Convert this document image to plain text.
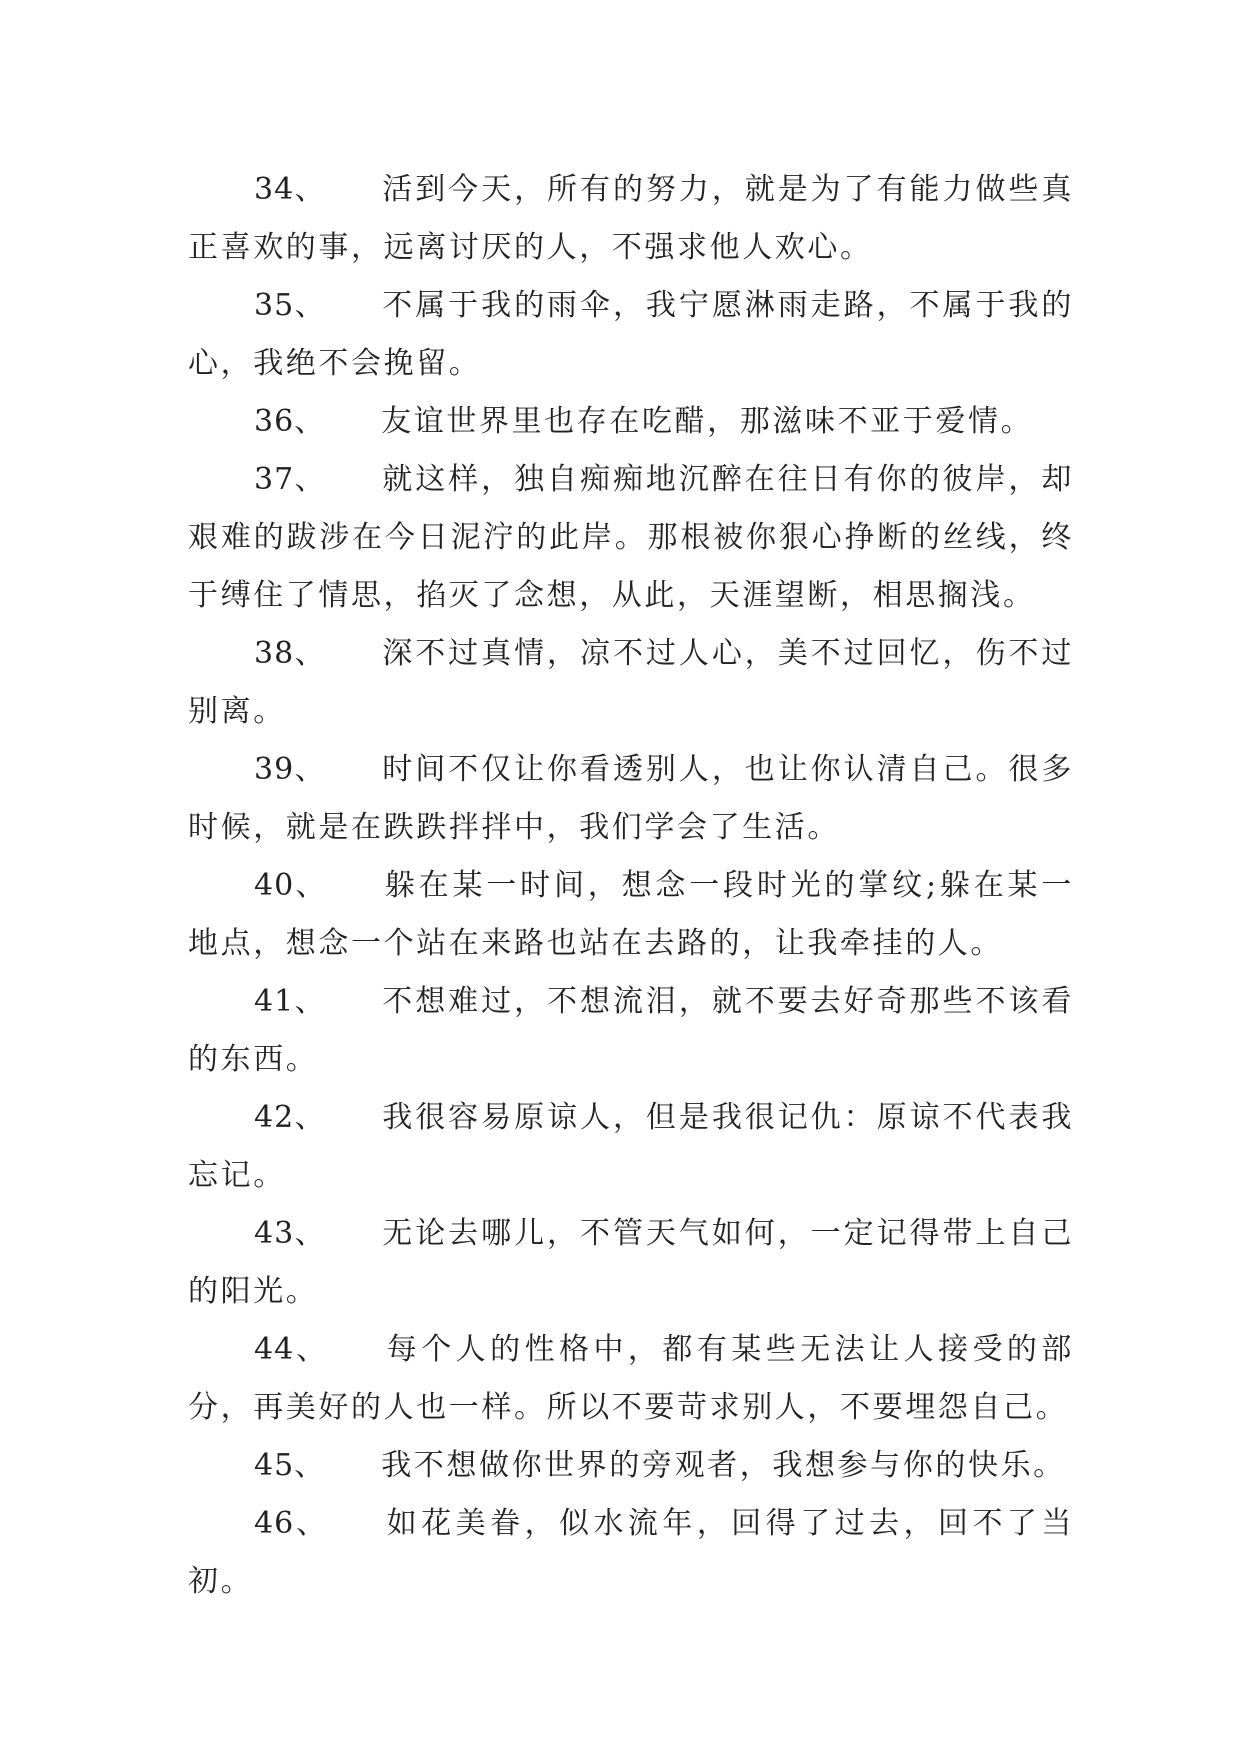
34、 活到今天，所有的努力，就是为了有能力做些真正喜欢的事，远离讨厌的人，不强求他人欢心。

35、 不属于我的雨伞，我宁愿淋雨走路，不属于我的心，我绝不会挽留。

36、 友谊世界里也存在吃醋，那滋味不亚于爱情。

37、 就这样，独自痴痴地沉醉在往日有你的彼岸，却艰难的跋涉在今日泥泞的此岸。那根被你狠心挣断的丝线，终于缚住了情思，掐灭了念想，从此，天涯望断，相思搁浅。

38、 深不过真情，凉不过人心，美不过回忆，伤不过别离。

39、 时间不仅让你看透别人，也让你认清自己。很多时候，就是在跌跌拌拌中，我们学会了生活。

40、 躲在某一时间，想念一段时光的掌纹;躲在某一地点，想念一个站在来路也站在去路的，让我牵挂的人。

41、 不想难过，不想流泪，就不要去好奇那些不该看的东西。

42、 我很容易原谅人，但是我很记仇：原谅不代表我忘记。

43、 无论去哪儿，不管天气如何，一定记得带上自己的阳光。

44、 每个人的性格中，都有某些无法让人接受的部分，再美好的人也一样。所以不要苛求别人，不要埋怨自己。

45、 我不想做你世界的旁观者，我想参与你的快乐。

46、 如花美眷，似水流年，回得了过去，回不了当初。
